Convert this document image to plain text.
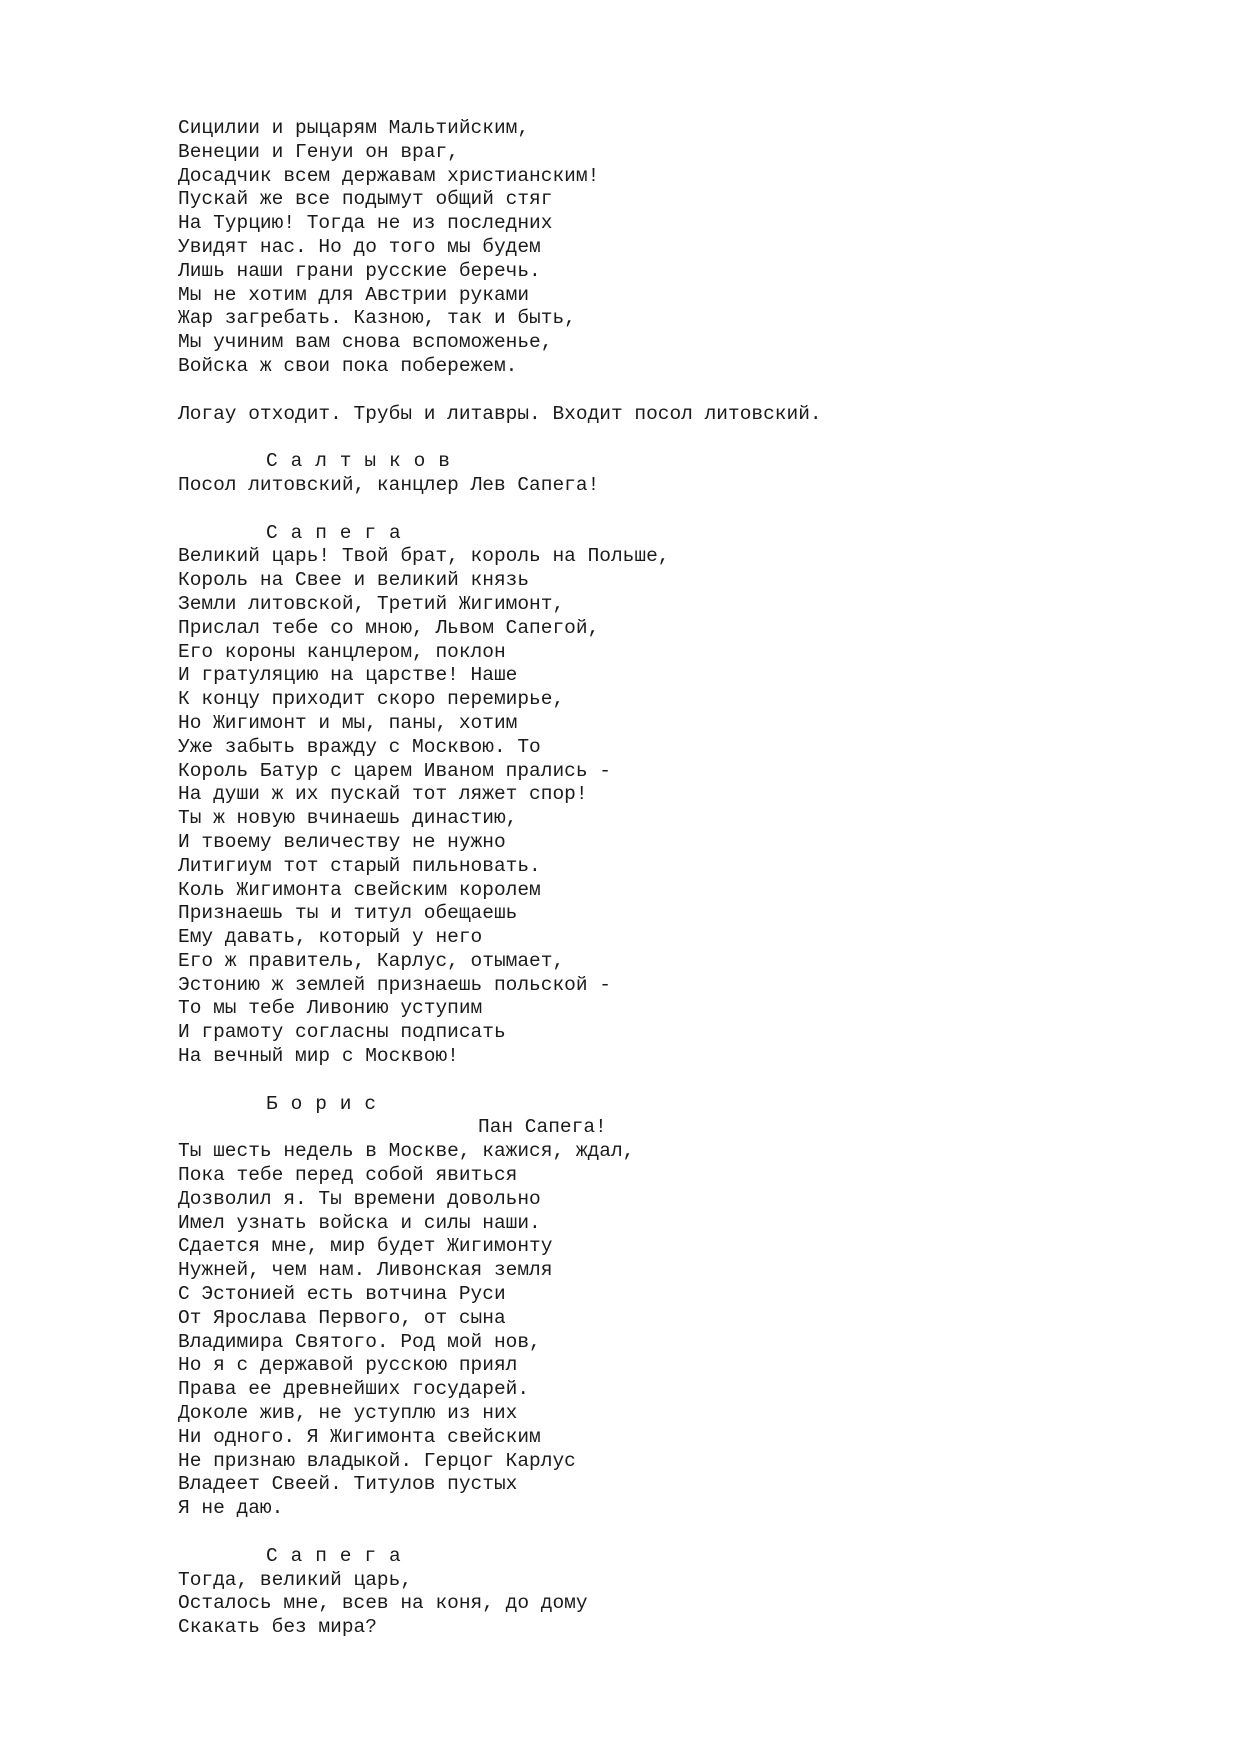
Сицилии и рыцарям Мальтийским,
Венеции и Генуи он враг,
Досадчик всем державам христианским!
Пускай же все подымут общий стяг
На Турцию! Тогда не из последних
Увидят нас. Но до того мы будем
Лишь наши грани русские беречь.
Мы не хотим для Австрии руками
Жар загребать. Казною, так и быть,
Мы учиним вам снова вспоможенье,
Войска ж свои пока побережем.
Логау отходит. Трубы и литавры. Входит посол литовский.
С а л т ы к о в
Посол литовский, канцлер Лев Сапега!
С а п е г а
Великий царь! Твой брат, король на Польше,
Король на Свее и великий князь
Земли литовской, Третий Жигимонт,
Прислал тебе со мною, Львом Сапегой,
Его короны канцлером, поклон
И гратуляцию на царстве! Наше
К концу приходит скоро перемирье,
Но Жигимонт и мы, паны, хотим
Уже забыть вражду с Москвою. То
Король Батур с царем Иваном прались -
На души ж их пускай тот ляжет спор!
Ты ж новую вчинаешь династию,
И твоему величеству не нужно
Литигиум тот старый пильновать.
Коль Жигимонта свейским королем
Признаешь ты и титул обещаешь
Ему давать, который у него
Его ж правитель, Карлус, отымает,
Эстонию ж землей признаешь польской -
То мы тебе Ливонию уступим
И грамоту согласны подписать
На вечный мир с Москвою!
Б о р и с
Пан Сапега!
Ты шесть недель в Москве, кажися, ждал,
Пока тебе перед собой явиться
Дозволил я. Ты времени довольно
Имел узнать войска и силы наши.
Сдается мне, мир будет Жигимонту
Нужней, чем нам. Ливонская земля
С Эстонией есть вотчина Руси
От Ярослава Первого, от сына
Владимира Святого. Род мой нов,
Но я с державой русскою приял
Права ее древнейших государей.
Доколе жив, не уступлю из них
Ни одного. Я Жигимонта свейским
Не признаю владыкой. Герцог Карлус
Владеет Свеей. Титулов пустых
Я не даю.
С а п е г а
Тогда, великий царь,
Осталось мне, всев на коня, до дому
Скакать без мира?
